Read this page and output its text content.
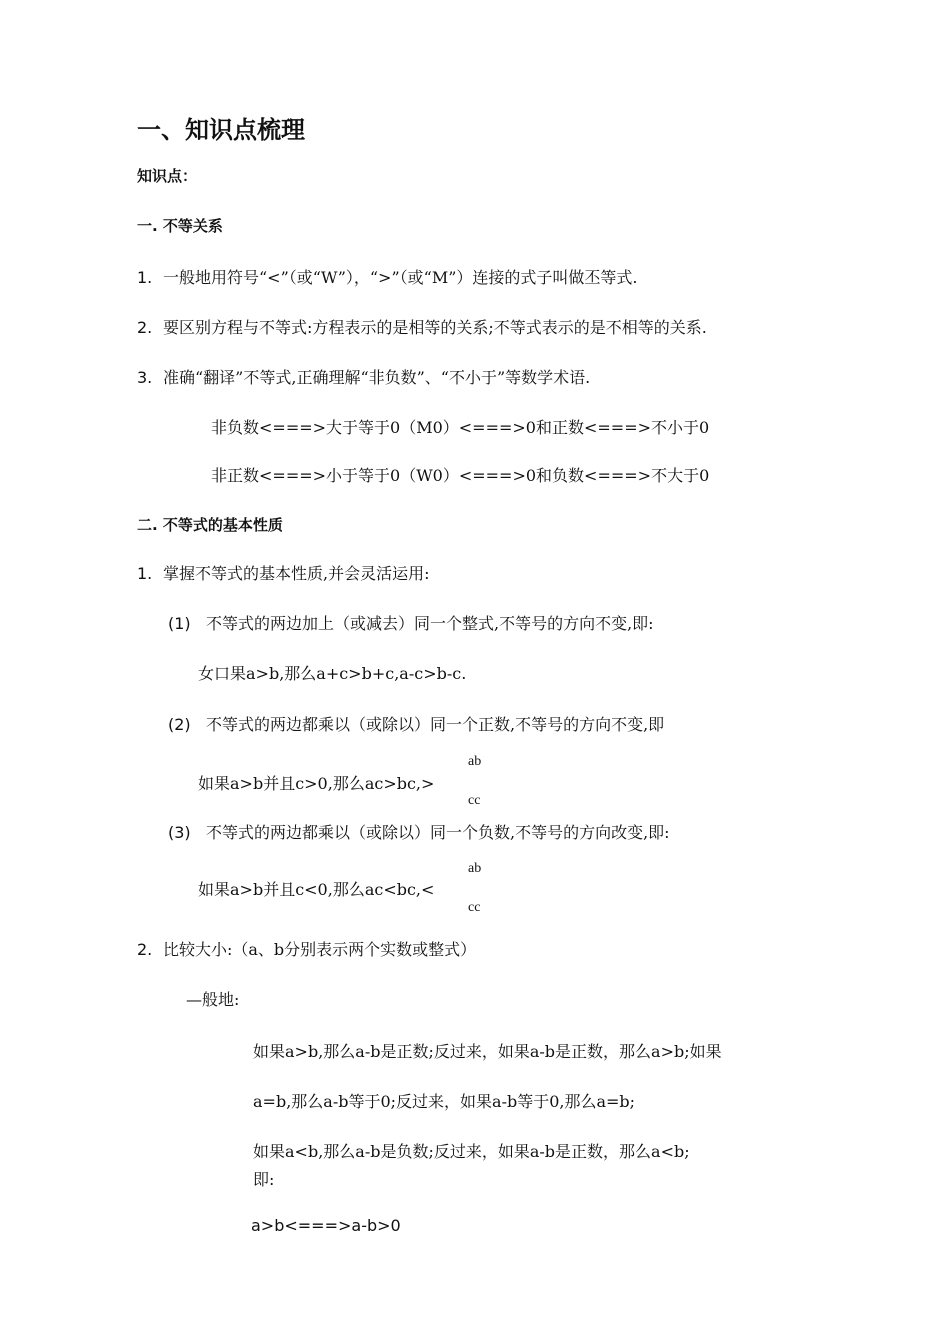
一、知识点梳理
知识点：
一. 不等关系
1. 一般地用符号“<”（或“W”），“>”（或“M”）连接的式子叫做丕等式.
2. 要区别方程与不等式:方程表示的是相等的关系;不等式表示的是不相等的关系.
3. 准确“翻译”不等式,正确理解“非负数”、“不小于”等数学术语.
非负数<===>大于等于0（M0）<===>0和正数<===>不小于0
非正数<===>小于等于0（W0）<===>0和负数<===>不大于0
二. 不等式的基本性质
1. 掌握不等式的基本性质,并会灵活运用:
(1) 不等式的两边加上（或减去）同一个整式,不等号的方向不变,即:
女口果a>b,那么a+c>b+c,a-c>b-c.
(2) 不等式的两边都乘以（或除以）同一个正数,不等号的方向不变,即
ab
如果a>b并且c>0,那么ac>bc,>
cc
(3) 不等式的两边都乘以（或除以）同一个负数,不等号的方向改变,即:
ab
如果a>b并且c<0,那么ac<bc,<
cc
2. 比较大小:（a、b分别表示两个实数或整式）
—般地:
如果a>b,那么a-b是正数;反过来，如果a-b是正数，那么a>b;如果
a=b,那么a-b等于0;反过来，如果a-b等于0,那么a=b;
如果a<b,那么a-b是负数;反过来，如果a-b是正数，那么a<b;
即:
a>b<===>a-b>0
